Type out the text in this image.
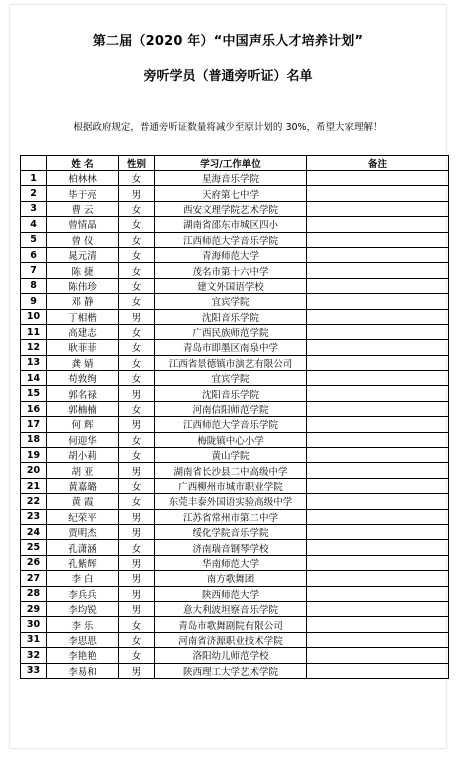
第二届（2020 年）“中国声乐人才培养计划”
旁听学员（普通旁听证）名单
根据政府规定，普通旁听证数量将减少至原计划的 30%，希望大家理解！
	姓 名	性别	学习/工作单位	备注
1	柏林林	女	星海音乐学院	
2	毕于亮	男	天府第七中学	
3	曹 云	女	西安文理学院艺术学院	
4	曾情晶	女	湖南省邵东市城区四小	
5	曾 仪	女	江西师范大学音乐学院	
6	晁元清	女	青海师范大学	
7	陈 捷	女	茂名市第十六中学	
8	陈伟珍	女	建文外国语学校	
9	邓 静	女	宜宾学院	
10	丁相楷	男	沈阳音乐学院	
11	高建志	女	广西民族师范学院	
12	耿菲菲	女	青岛市即墨区南泉中学	
13	龚 婧	女	江西省景德镇市演艺有限公司	
14	苟敦绚	女	宜宾学院	
15	郭名禄	男	沈阳音乐学院	
16	郭楠楠	女	河南信阳师范学院	
17	何 辉	男	江西师范大学音乐学院	
18	何迎华	女	梅陇镇中心小学	
19	胡小莉	女	黄山学院	
20	胡 亚	男	湖南省长沙县二中高级中学	
21	黄嘉璐	女	广西柳州市城市职业学院	
22	黄 霞	女	东莞丰泰外国语实验高级中学	
23	纪荣平	男	江苏省常州市第二中学	
24	贾明杰	男	绥化学院音乐学院	
25	孔潇涵	女	济南瑞音钢琴学校	
26	孔紫辉	男	华南师范大学	
27	李 白	男	南方歌舞团	
28	李兵兵	男	陕西师范大学	
29	李均锐	男	意大利波坦察音乐学院	
30	李 乐	女	青岛市歌舞剧院有限公司	
31	李思思	女	河南省济源职业技术学院	
32	李艳艳	女	洛阳幼儿师范学校	
33	李易和	男	陕西理工大学艺术学院	
